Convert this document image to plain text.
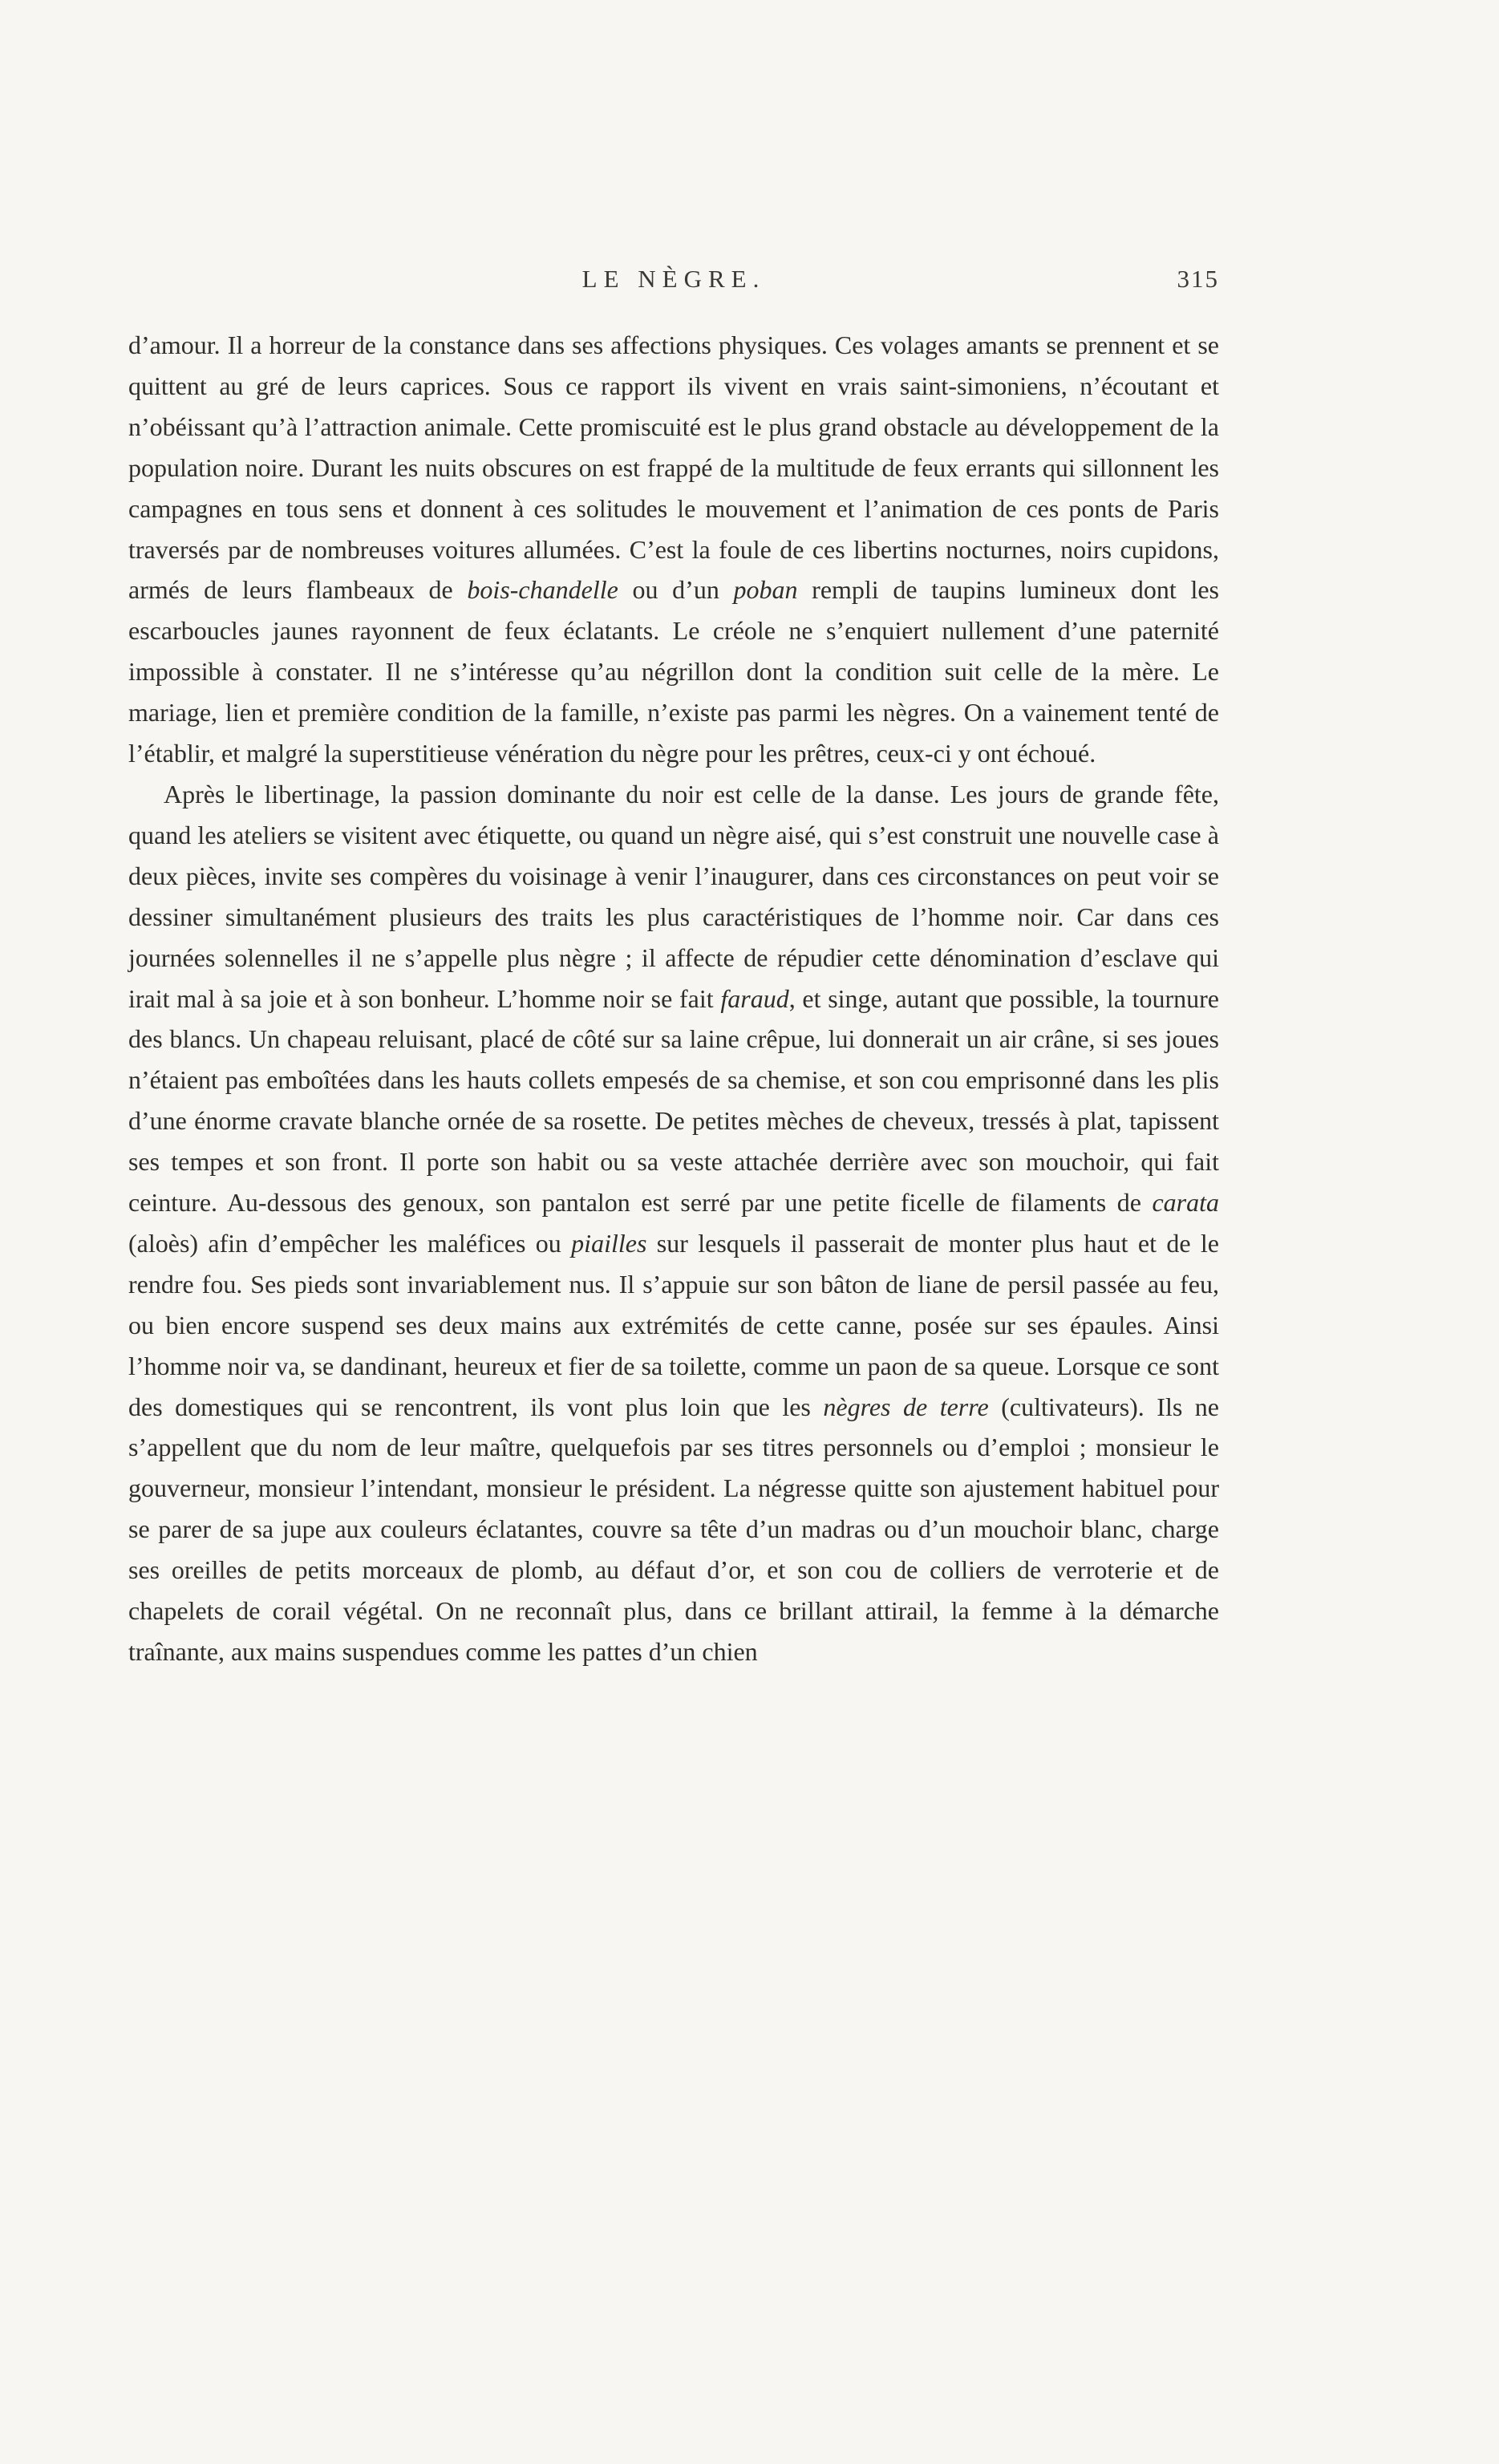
LE NÈGRE.	315

d’amour. Il a horreur de la constance dans ses affections physiques. Ces volages amants se prennent et se quittent au gré de leurs caprices. Sous ce rapport ils vivent en vrais saint-simoniens, n’écoutant et n’obéissant qu’à l’attraction animale. Cette promiscuité est le plus grand obstacle au développement de la population noire. Durant les nuits obscures on est frappé de la multitude de feux errants qui sillonnent les campagnes en tous sens et donnent à ces solitudes le mouvement et l’animation de ces ponts de Paris traversés par de nombreuses voitures allumées. C’est la foule de ces libertins nocturnes, noirs cupidons, armés de leurs flambeaux de bois-chandelle ou d’un poban rempli de taupins lumineux dont les escarboucles jaunes rayonnent de feux éclatants. Le créole ne s’enquiert nullement d’une paternité impossible à constater. Il ne s’intéresse qu’au négrillon dont la condition suit celle de la mère. Le mariage, lien et première condition de la famille, n’existe pas parmi les nègres. On a vainement tenté de l’établir, et malgré la superstitieuse vénération du nègre pour les prêtres, ceux-ci y ont échoué.

Après le libertinage, la passion dominante du noir est celle de la danse. Les jours de grande fête, quand les ateliers se visitent avec étiquette, ou quand un nègre aisé, qui s’est construit une nouvelle case à deux pièces, invite ses compères du voisinage à venir l’inaugurer, dans ces circonstances on peut voir se dessiner simultanément plusieurs des traits les plus caractéristiques de l’homme noir. Car dans ces journées solennelles il ne s’appelle plus nègre ; il affecte de répudier cette dénomination d’esclave qui irait mal à sa joie et à son bonheur. L’homme noir se fait faraud, et singe, autant que possible, la tournure des blancs. Un chapeau reluisant, placé de côté sur sa laine crêpue, lui donnerait un air crâne, si ses joues n’étaient pas emboîtées dans les hauts collets empesés de sa chemise, et son cou emprisonné dans les plis d’une énorme cravate blanche ornée de sa rosette. De petites mèches de cheveux, tressés à plat, tapissent ses tempes et son front. Il porte son habit ou sa veste attachée derrière avec son mouchoir, qui fait ceinture. Au-dessous des genoux, son pantalon est serré par une petite ficelle de filaments de carata (aloès) afin d’empêcher les maléfices ou piailles sur lesquels il passerait de monter plus haut et de le rendre fou. Ses pieds sont invariablement nus. Il s’appuie sur son bâton de liane de persil passée au feu, ou bien encore suspend ses deux mains aux extrémités de cette canne, posée sur ses épaules. Ainsi l’homme noir va, se dandinant, heureux et fier de sa toilette, comme un paon de sa queue. Lorsque ce sont des domestiques qui se rencontrent, ils vont plus loin que les nègres de terre (cultivateurs). Ils ne s’appellent que du nom de leur maître, quelquefois par ses titres personnels ou d’emploi ; monsieur le gouverneur, monsieur l’intendant, monsieur le président. La négresse quitte son ajustement habituel pour se parer de sa jupe aux couleurs éclatantes, couvre sa tête d’un madras ou d’un mouchoir blanc, charge ses oreilles de petits morceaux de plomb, au défaut d’or, et son cou de colliers de verroterie et de chapelets de corail végétal. On ne reconnaît plus, dans ce brillant attirail, la femme à la démarche traînante, aux mains suspendues comme les pattes d’un chien
